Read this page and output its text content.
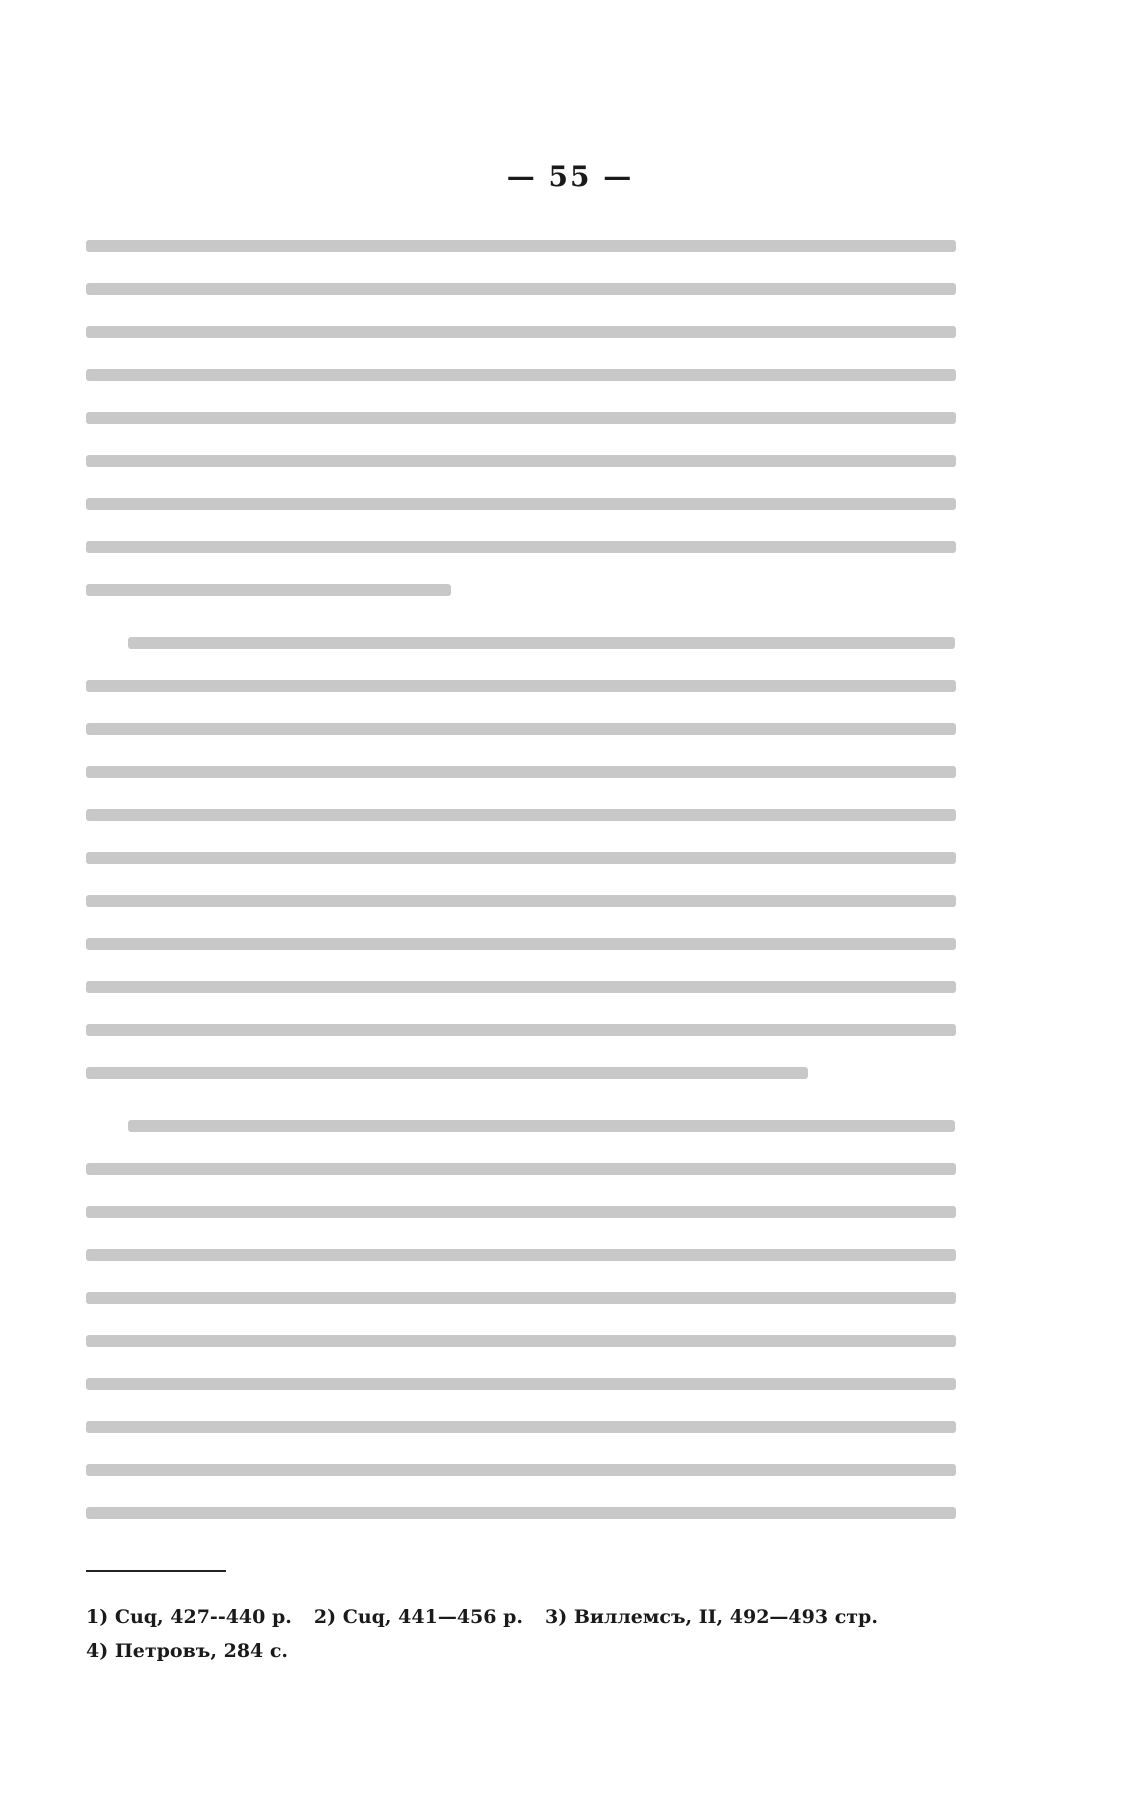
— 55 —
1) Cuq, 427--440 р. 2) Cuq, 441—456 р. 3) Виллемсъ, II, 492—493 стр.
4) Петровъ, 284 с.
